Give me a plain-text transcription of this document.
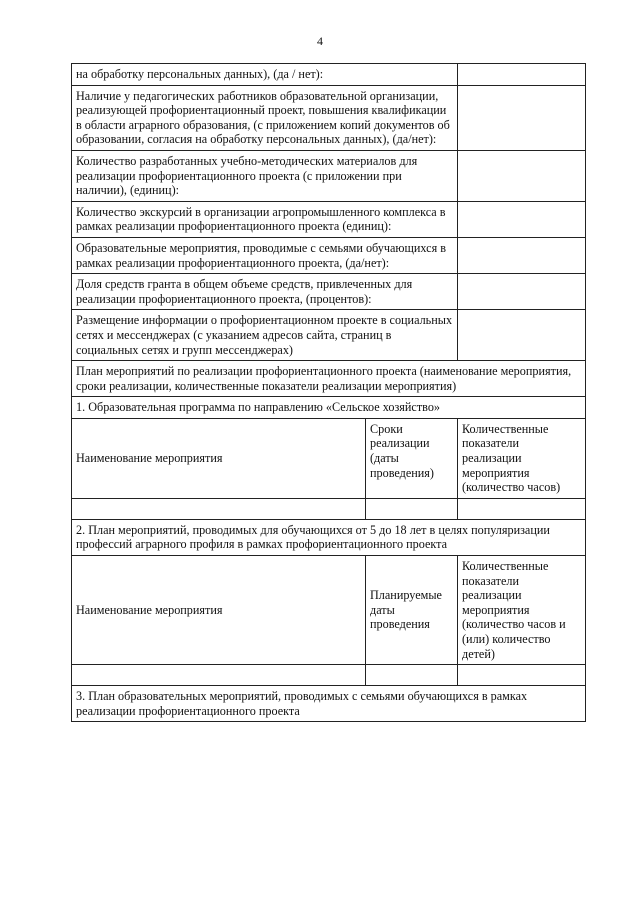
4
на обработку персональных данных), (да / нет):		
Наличие у педагогических работников образовательной организации, реализующей профориентационный проект, повышения квалификации в области аграрного образования, (с приложением копий документов об образовании, согласия на обработку персональных данных), (да/нет):		
Количество разработанных учебно-методических материалов для реализации профориентационного проекта (с приложении при наличии), (единиц):		
Количество экскурсий в организации агропромышленного комплекса в рамках реализации профориентационного проекта (единиц):		
Образовательные мероприятия, проводимые с семьями обучающихся в рамках реализации профориентационного проекта, (да/нет):		
Доля средств гранта в общем объеме средств, привлеченных для реализации профориентационного проекта, (процентов):		
Размещение информации о профориентационном проекте в социальных сетях и мессенджерах (с указанием адресов сайта, страниц в социальных сетях и групп мессенджерах)		
План мероприятий по реализации профориентационного проекта (наименование мероприятия, сроки реализации, количественные показатели реализации мероприятия)		
1. Образовательная программа по направлению «Сельское хозяйство»		
Наименование мероприятия	Сроки реализации (даты проведения)	Количественные показатели реализации мероприятия (количество часов)

2. План мероприятий, проводимых для обучающихся от 5 до 18 лет в целях популяризации профессий аграрного профиля в рамках профориентационного проекта		
Наименование мероприятия	Планируемые даты проведения	Количественные показатели реализации мероприятия (количество часов и (или) количество детей)

3. План образовательных мероприятий, проводимых с семьями обучающихся в рамках реализации профориентационного проекта		
